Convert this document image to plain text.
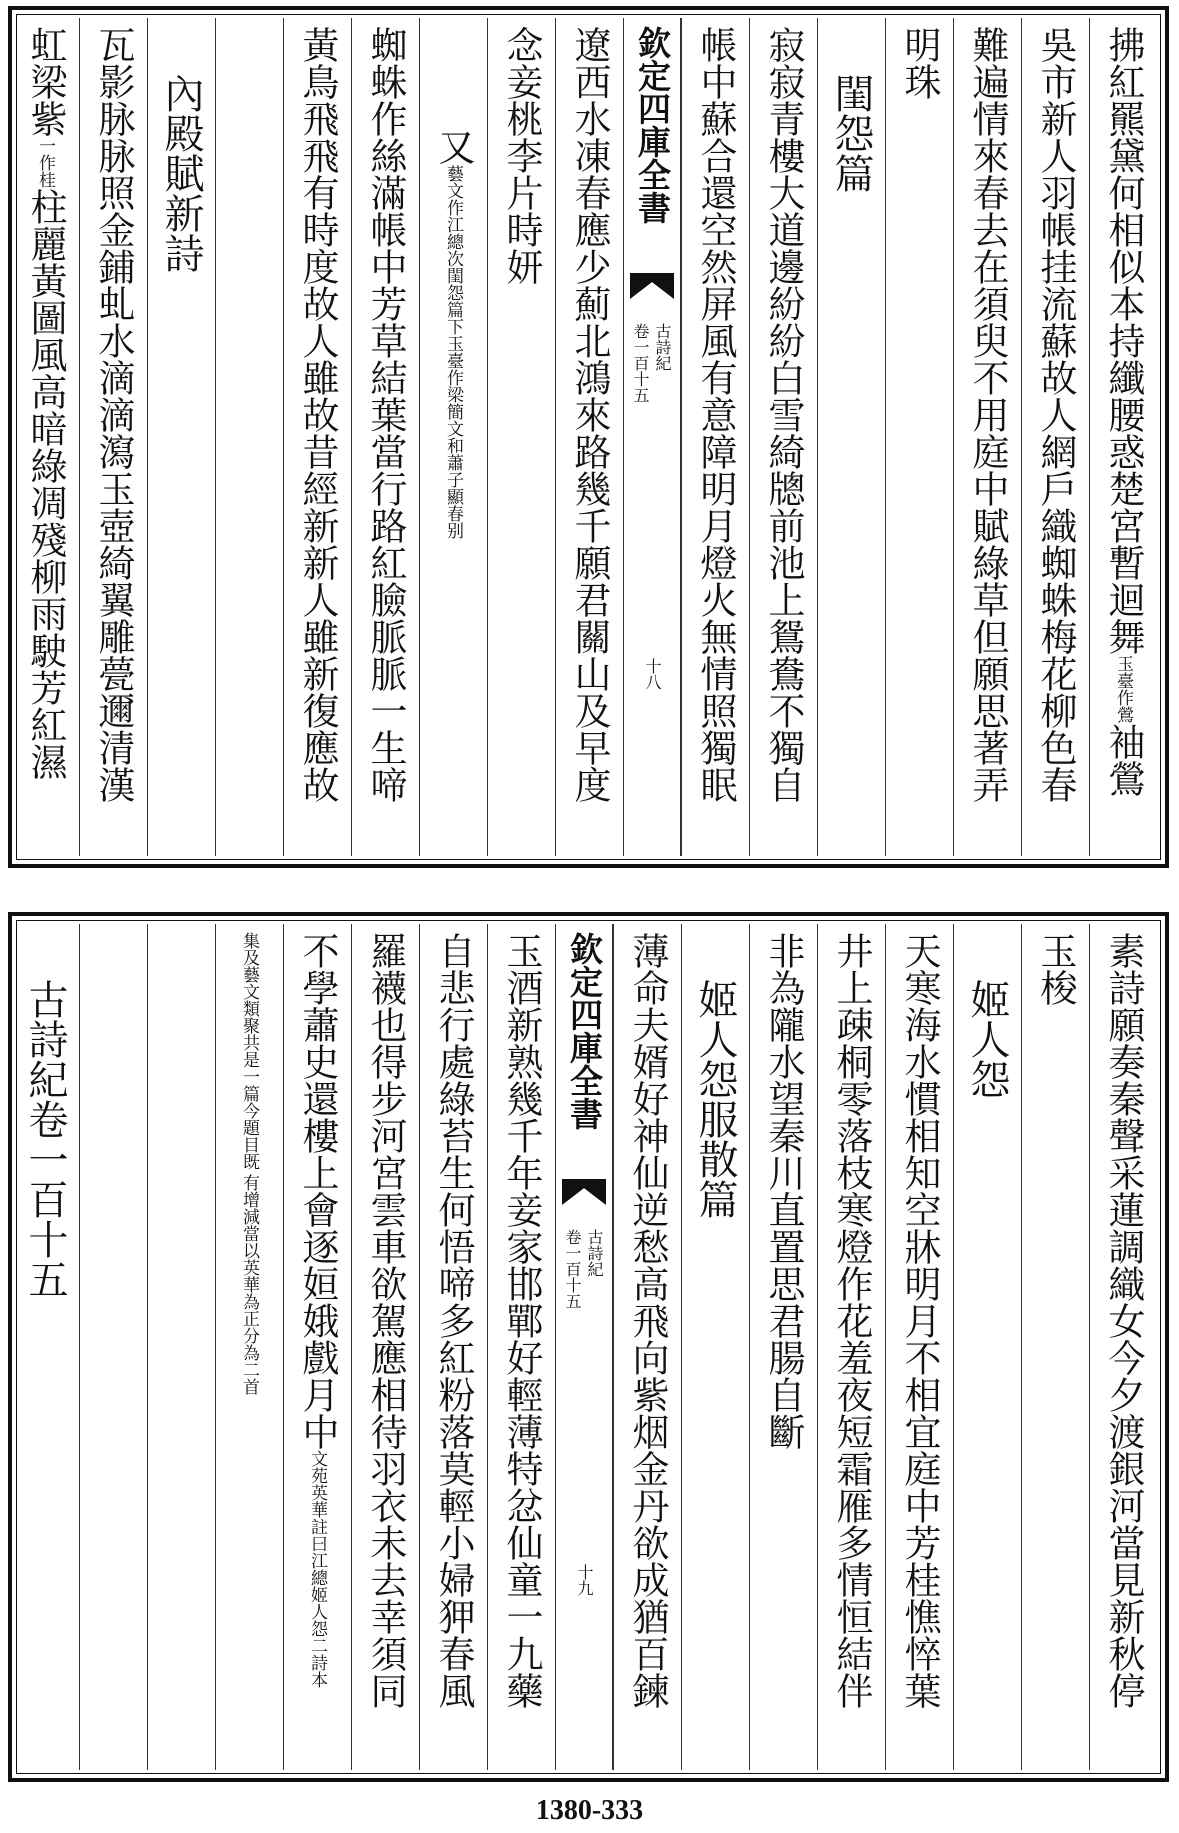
拂紅羆黛何相似本持纖腰惑楚宮暫迴舞玉臺作鶯袖鶯
吳市新人羽帳挂流蘇故人網戶織蜘蛛梅花柳色春
難遍情來春去在須臾不用庭中賦綠草但願思著弄
明珠
閨怨篇
寂寂青樓大道邊紛紛白雪綺牕前池上鴛鴦不獨自
帳中蘇合還空然屏風有意障明月燈火無情照獨眠
欽定四庫全書
古詩紀
卷一百十五
十八
遼西水凍春應少薊北鴻來路幾千願君關山及早度
念妾桃李片時妍
又
藝文作江總次閨怨篇下玉臺作梁簡文和蕭子顯春别
蜘蛛作絲滿帳中芳草結葉當行路紅臉脈脈一生啼
黃鳥飛飛有時度故人雖故昔經新新人雖新復應故
內殿賦新詩
瓦影脉脉照金鋪虬水滴滴瀉玉壺綺翼雕甍邇清漢
虹梁紫一作桂柱麗黃圖風高暗綠凋殘柳雨駛芳紅濕
素詩願奏秦聲采蓮調織女今夕渡銀河當見新秋停
玉梭
姬人怨
天寒海水慣相知空牀明月不相宜庭中芳桂憔悴葉
井上疎桐零落枝寒燈作花羞夜短霜雁多情恒結伴
非為隴水望秦川直置思君腸自斷
姬人怨服散篇
薄命夫婿好神仙逆愁高飛向紫烟金丹欲成猶百鍊
欽定四庫全書
古詩紀
卷一百十五
十九
玉酒新熟幾千年妾家邯鄲好輕薄特忿仙童一九藥
自悲行處綠苔生何悟啼多紅粉落莫輕小婦狎春風
羅襪也得步河宮雲車欲駕應相待羽衣未去幸須同
不學蕭史還樓上會逐姮娥戲月中
文苑英華註曰江總姬人怨二詩本
有增減當以英華為正分為二首
集及藝文類聚共是一篇今題目既
古詩紀卷一百十五
1380-333
